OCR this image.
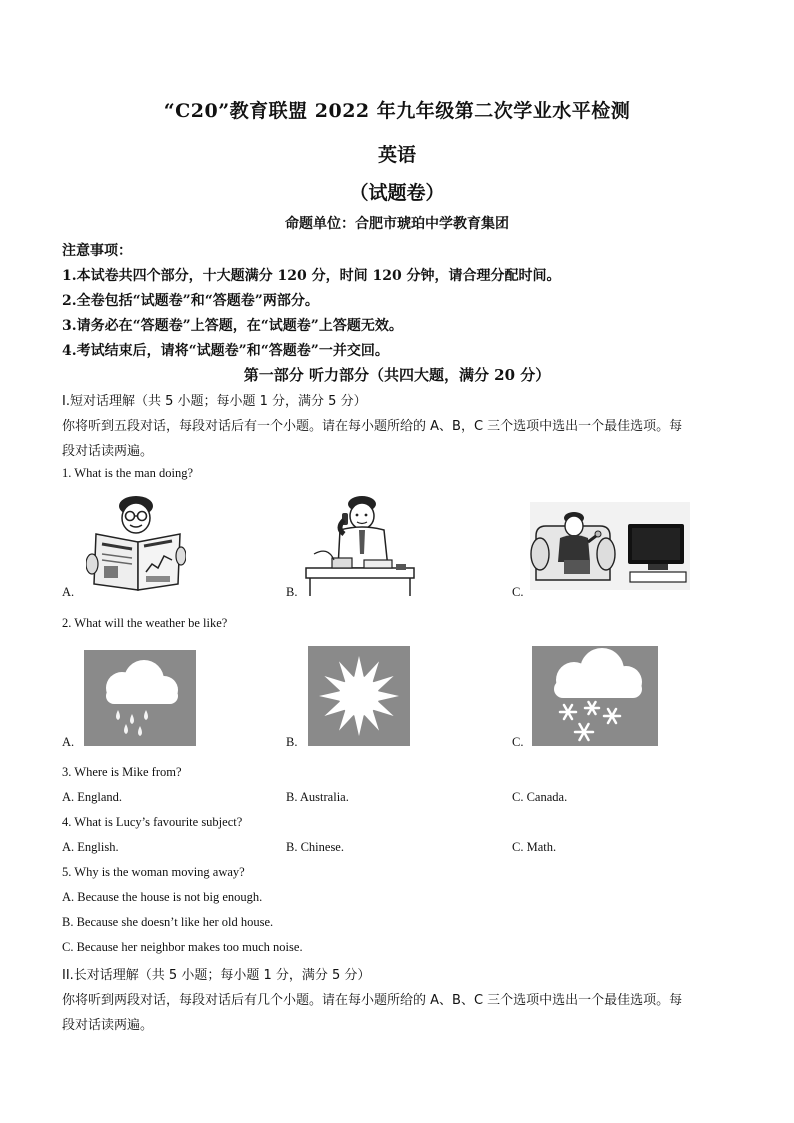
“C20”教育联盟 2022 年九年级第二次学业水平检测
英语
（试题卷）
命题单位：合肥市琥珀中学教育集团
注意事项：
1.本试卷共四个部分，十大题满分 120 分，时间 120 分钟，请合理分配时间。
2.全卷包括“试题卷”和“答题卷”两部分。
3.请务必在“答题卷”上答题，在“试题卷”上答题无效。
4.考试结束后，请将“试题卷”和“答题卷”一并交回。
第一部分 听力部分（共四大题，满分 20 分）
I.短对话理解（共 5 小题；每小题 1 分，满分 5 分）
你将听到五段对话，每段对话后有一个小题。请在每小题所给的 A、B，C 三个选项中选出一个最佳选项。每
段对话读两遍。
1. What is the man doing?
A.	B.	C.
2. What will the weather be like?
A.	B.	C.
3. Where is Mike from?
A. England.	B. Australia.	C. Canada.
4. What is Lucy’s favourite subject?
A. English.	B. Chinese.	C. Math.
5. Why is the woman moving away?
A. Because the house is not big enough.
B. Because she doesn’t like her old house.
C. Because her neighbor makes too much noise.
II.长对话理解（共 5 小题；每小题 1 分，满分 5 分）
你将听到两段对话，每段对话后有几个小题。请在每小题所给的 A、B、C 三个选项中选出一个最佳选项。每
段对话读两遍。
